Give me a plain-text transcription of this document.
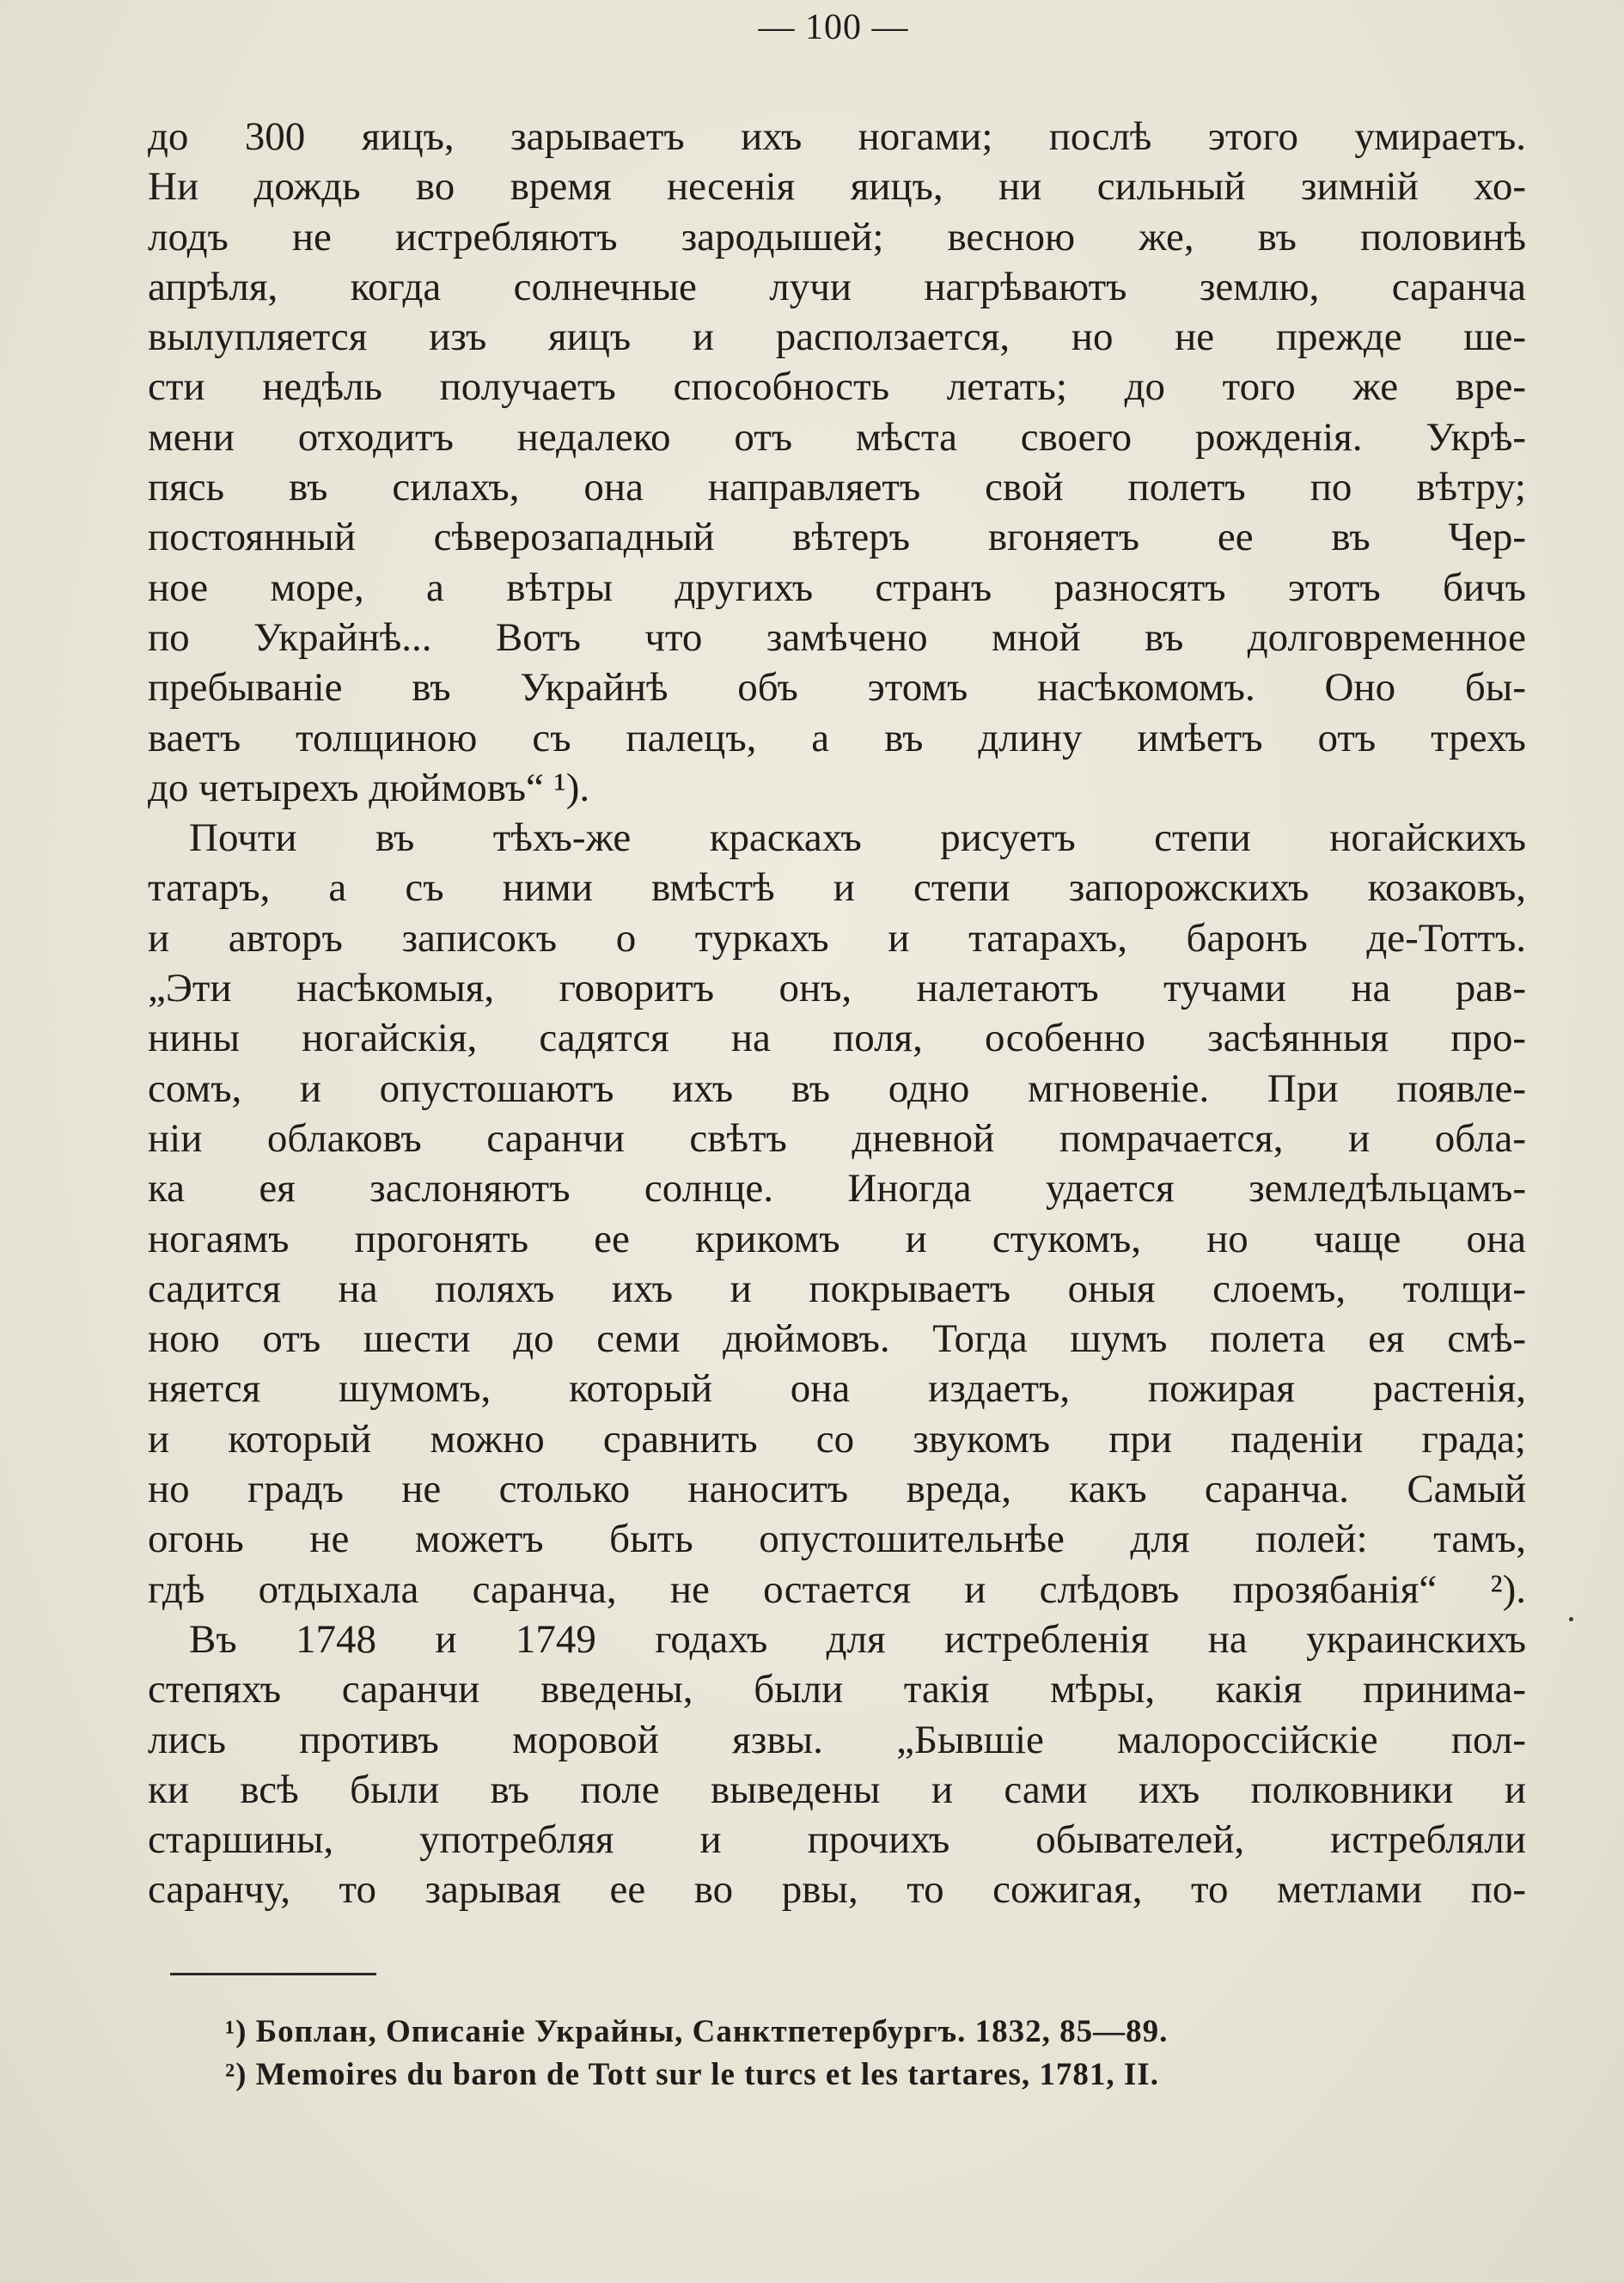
— 100 —
до 300 яицъ, зарываетъ ихъ ногами; послѣ этого умираетъ.
Ни дождь во время несенія яицъ, ни сильный зимній хо-
лодъ не истребляютъ зародышей; весною же, въ половинѣ
апрѣля, когда солнечные лучи нагрѣваютъ землю, саранча
вылупляется изъ яицъ и расползается, но не прежде ше-
сти недѣль получаетъ способность летать; до того же вре-
мени отходитъ недалеко отъ мѣста своего рожденія. Укрѣ-
пясь въ силахъ, она направляетъ свой полетъ по вѣтру;
постоянный сѣверозападный вѣтеръ вгоняетъ ее въ Чер-
ное море, а вѣтры другихъ странъ разносятъ этотъ бичъ
по Украйнѣ... Вотъ что замѣчено мной въ долговременное
пребываніе въ Украйнѣ объ этомъ насѣкомомъ. Оно бы-
ваетъ толщиною съ палецъ, а въ длину имѣетъ отъ трехъ
до четырехъ дюймовъ“ ¹).
Почти въ тѣхъ-же краскахъ рисуетъ степи ногайскихъ
татаръ, а съ ними вмѣстѣ и степи запорожскихъ козаковъ,
и авторъ записокъ о туркахъ и татарахъ, баронъ де-Тоттъ.
„Эти насѣкомыя, говоритъ онъ, налетаютъ тучами на рав-
нины ногайскія, садятся на поля, особенно засѣянныя про-
сомъ, и опустошаютъ ихъ въ одно мгновеніе. При появле-
ніи облаковъ саранчи свѣтъ дневной помрачается, и обла-
ка ея заслоняютъ солнце. Иногда удается земледѣльцамъ-
ногаямъ прогонять ее крикомъ и стукомъ, но чаще она
садится на поляхъ ихъ и покрываетъ оныя слоемъ, толщи-
ною отъ шести до семи дюймовъ. Тогда шумъ полета ея смѣ-
няется шумомъ, который она издаетъ, пожирая растенія,
и который можно сравнить со звукомъ при паденіи града;
но градъ не столько наноситъ вреда, какъ саранча. Самый
огонь не можетъ быть опустошительнѣе для полей: тамъ,
гдѣ отдыхала саранча, не остается и слѣдовъ прозябанія“ ²).
Въ 1748 и 1749 годахъ для истребленія на украинскихъ
степяхъ саранчи введены, были такія мѣры, какія принима-
лись противъ моровой язвы. „Бывшіе малороссійскіе пол-
ки всѣ были въ поле выведены и сами ихъ полковники и
старшины, употребляя и прочихъ обывателей, истребляли
саранчу, то зарывая ее во рвы, то сожигая, то метлами по-
¹) Боплан, Описаніе Украйны, Санктпетербургъ. 1832, 85—89.
²) Memoires du baron de Tott sur le turcs et les tartares, 1781, II.
